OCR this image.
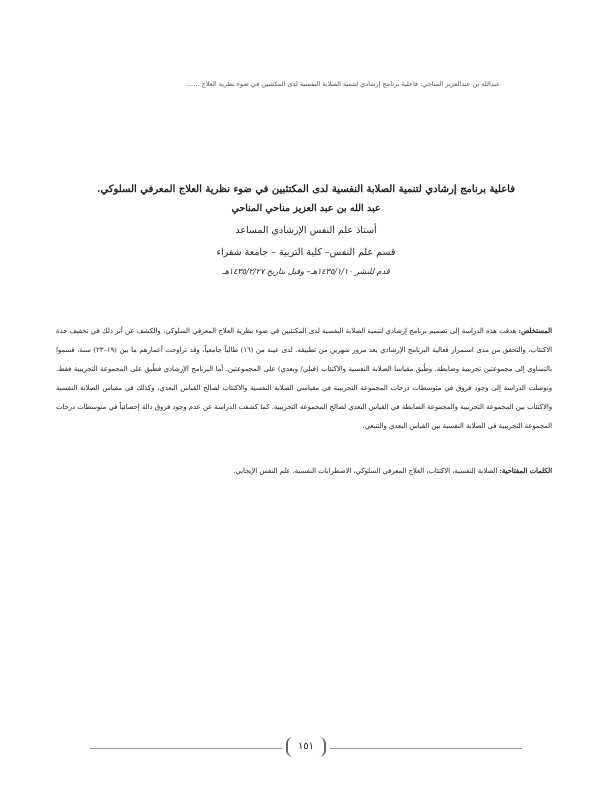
عبدالله بن عبدالعزيز المناحي: فاعلية برنامج إرشادي لتنمية الصلابة النفسية لدى المكتئبين في ضوء نظرية العلاج ……

فاعلية برنامج إرشادي لتنمية الصلابة النفسية لدى المكتئبين في ضوء نظرية العلاج المعرفي السلوكي.

عبد الله بن عبد العزيز مناحي المناحي

أستاذ علم النفس الإرشادي المساعد

قسم علم النفس– كلية التربية – جامعة شقراء

قدم للنشر ١٤٣٥/١/١٠هـ– وقبل بتاريخ ١٤٣٥/٢/٢٧هـ

المستخلص: هدفت هذه الدراسة إلى تصميم برنامج إرشادي لتنمية الصلابة النفسية لدى المكتئبين في ضوء نظرية العلاج المعرفي السلوكي، والكشف عن أثر ذلك في تخفيف حدة الاكتئاب، والتحقق من مدى استمرار فعالية البرنامج الإرشادي بعد مرور شهرين من تطبيقه. لدى عينة من (١٦) طالباً جامعياً، وقد تراوحت أعمارهم ما بين (١٩–٢٣) سنة، قسموا بالتساوي إلى مجموعتين تجريبية وضابطة. وطُبق مقياسا الصلابة النفسية والاكتئاب (قبلي/ وبعدي) على المجموعتين. أما البرنامج الإرشادي فطُبق على المجموعة التجريبية فقط. وتوصلت الدراسة إلى وجود فروق في متوسطات درجات المجموعة التجريبية في مقياسي الصلابة النفسية والاكتئاب لصالح القياس البعدي، وكذلك في مقياس الصلابة النفسية والاكتئاب بين المجموعة التجريبية والمجموعة الضابطة في القياس البعدي لصالح المجموعة التجريبية. كما كشفت الدراسة عن عدم وجود فروق دالة إحصائياً في متوسطات درجات المجموعة التجريبية في الصلابة النفسية بين القياس البعدي والتتبعي.

الكلمات المفتاحية: الصلابة النفسية، الاكتئاب، العلاج المعرفي السلوكي، الاضطرابات النفسية، علم النفس الإيجابي.

١٥١
